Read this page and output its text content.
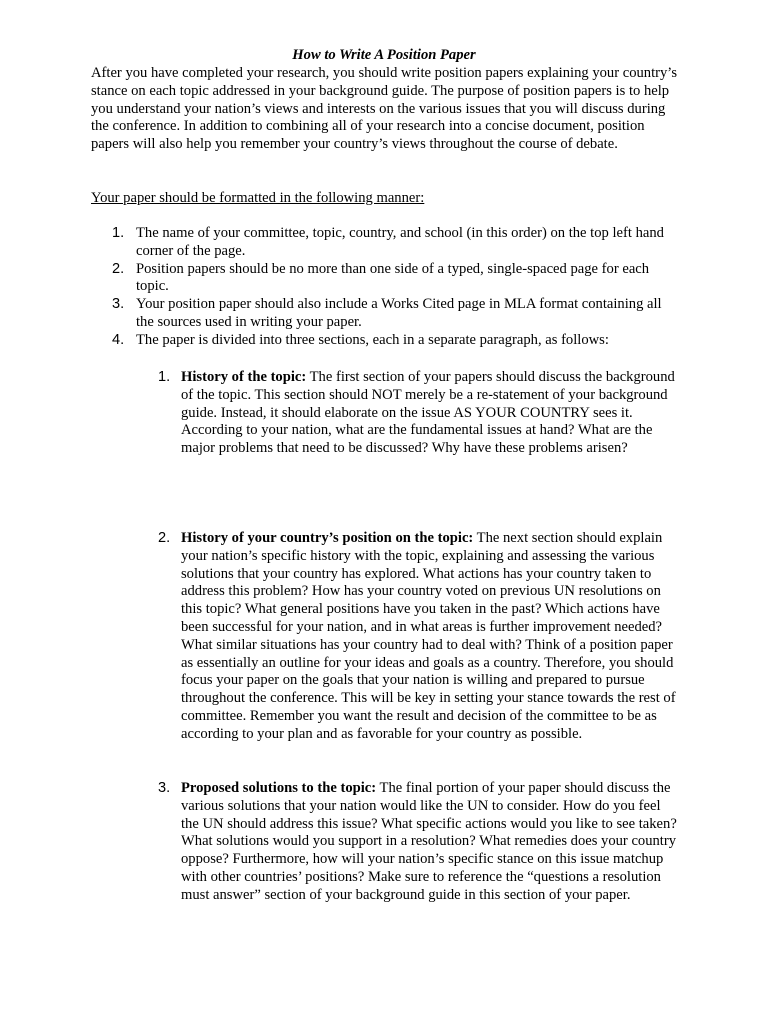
How to Write A Position Paper

After you have completed your research, you should write position papers explaining your country’s stance on each topic addressed in your background guide. The purpose of position papers is to help you understand your nation’s views and interests on the various issues that you will discuss during the conference. In addition to combining all of your research into a concise document, position papers will also help you remember your country’s views throughout the course of debate.

Your paper should be formatted in the following manner:

1. The name of your committee, topic, country, and school (in this order) on the top left hand corner of the page.
2. Position papers should be no more than one side of a typed, single-spaced page for each topic.
3. Your position paper should also include a Works Cited page in MLA format containing all the sources used in writing your paper.
4. The paper is divided into three sections, each in a separate paragraph, as follows:
1. History of the topic: The first section of your papers should discuss the background of the topic. This section should NOT merely be a re-statement of your background guide. Instead, it should elaborate on the issue AS YOUR COUNTRY sees it. According to your nation, what are the fundamental issues at hand? What are the major problems that need to be discussed? Why have these problems arisen?
2. History of your country’s position on the topic: The next section should explain your nation’s specific history with the topic, explaining and assessing the various solutions that your country has explored. What actions has your country taken to address this problem? How has your country voted on previous UN resolutions on this topic? What general positions have you taken in the past? Which actions have been successful for your nation, and in what areas is further improvement needed? What similar situations has your country had to deal with? Think of a position paper as essentially an outline for your ideas and goals as a country. Therefore, you should focus your paper on the goals that your nation is willing and prepared to pursue throughout the conference. This will be key in setting your stance towards the rest of committee. Remember you want the result and decision of the committee to be as according to your plan and as favorable for your country as possible.
3. Proposed solutions to the topic: The final portion of your paper should discuss the various solutions that your nation would like the UN to consider. How do you feel the UN should address this issue? What specific actions would you like to see taken? What solutions would you support in a resolution? What remedies does your country oppose? Furthermore, how will your nation’s specific stance on this issue matchup with other countries’ positions? Make sure to reference the “questions a resolution must answer” section of your background guide in this section of your paper.
